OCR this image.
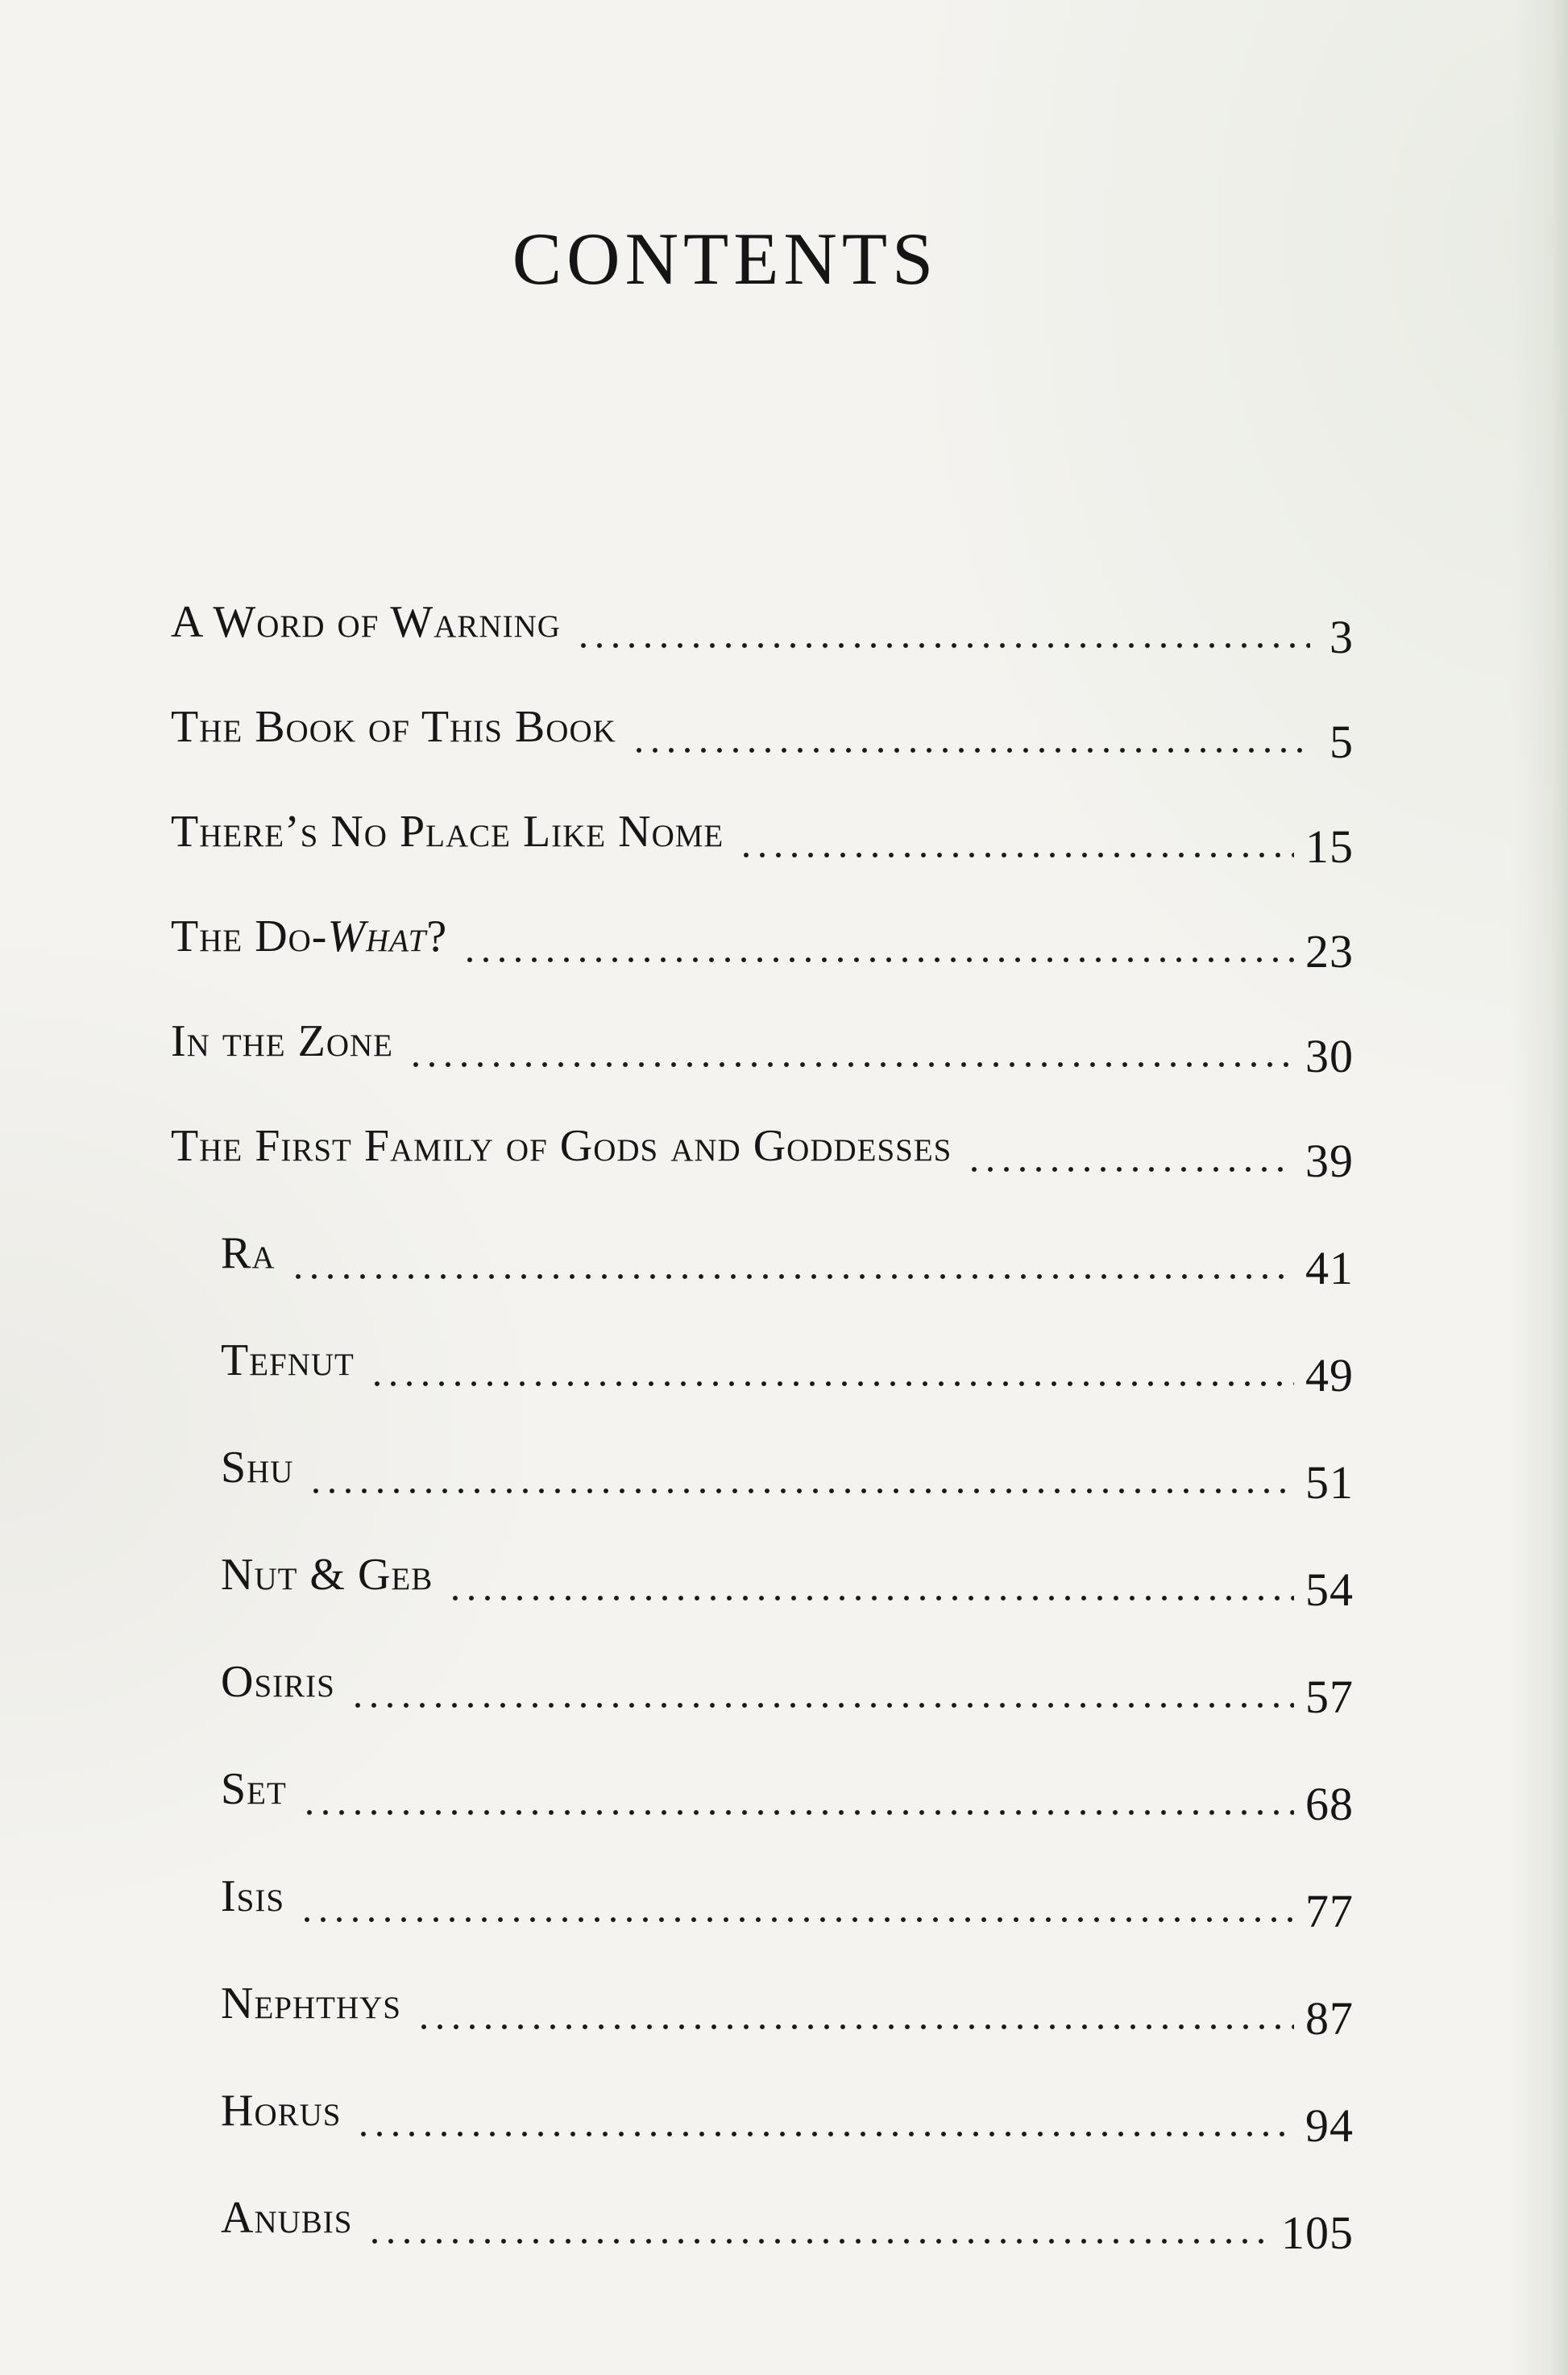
CONTENTS
A Word of Warning	3
The Book of This Book	5
There’s No Place Like Nome	15
The Do-What?	23
In the Zone	30
The First Family of Gods and Goddesses	39
Ra	41
Tefnut	49
Shu	51
Nut & Geb	54
Osiris	57
Set	68
Isis	77
Nephthys	87
Horus	94
Anubis	105
